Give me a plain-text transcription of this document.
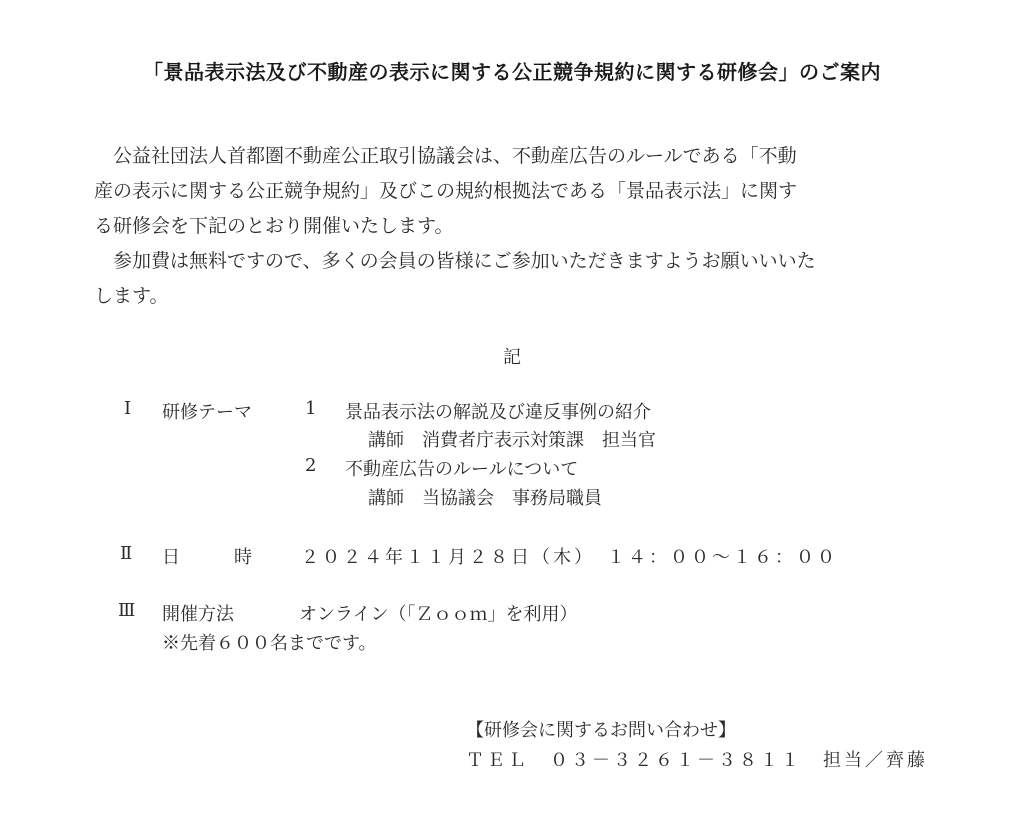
「景品表示法及び不動産の表示に関する公正競争規約に関する研修会」のご案内
公益社団法人首都圏不動産公正取引協議会は、不動産広告のルールである「不動
産の表示に関する公正競争規約」及びこの規約根拠法である「景品表示法」に関す
る研修会を下記のとおり開催いたします。
参加費は無料ですので、多くの会員の皆様にご参加いただきますようお願いいいた
します。
記
Ⅰ 研修テーマ	1 景品表示法の解説及び違反事例の紹介
講師　消費者庁表示対策課　担当官
2 不動産広告のルールについて
講師　当協議会　事務局職員
Ⅱ 日	時	２０２４年１１月２８日（木）　１４：００～１６：００
Ⅲ 開催方法	オンライン（「Ｚｏｏｍ」を利用）
※先着６００名までです。
【研修会に関するお問い合わせ】
ＴＥＬ　０３－３２６１－３８１１　担当／齊藤
